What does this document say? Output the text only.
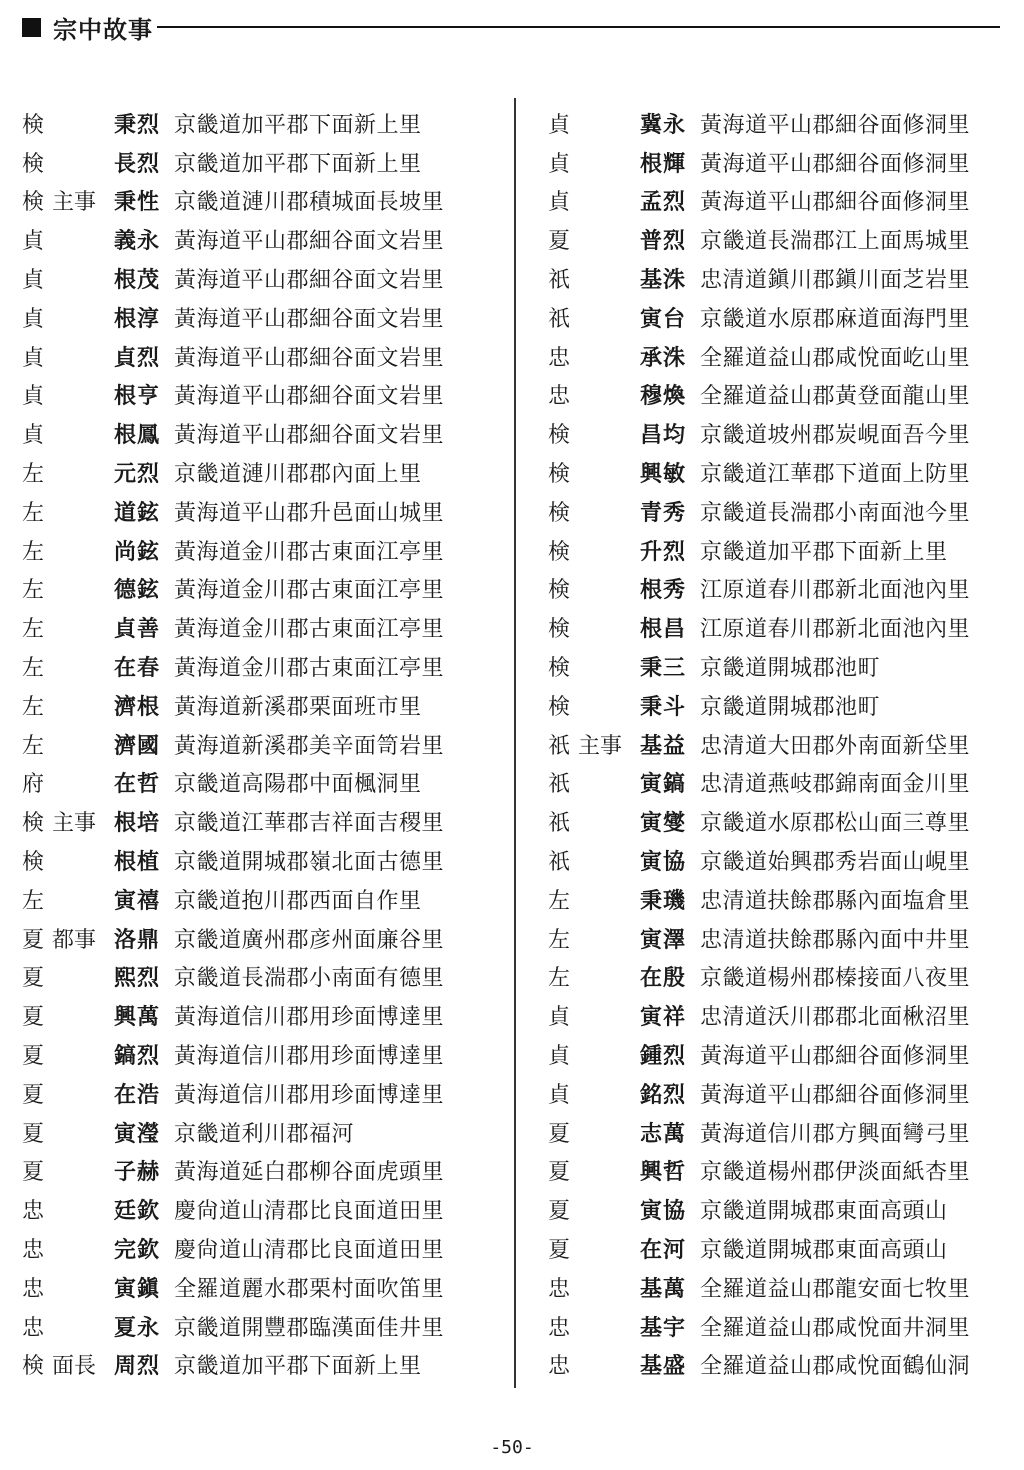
宗中故事
検	秉烈 京畿道加平郡下面新上里
検	長烈 京畿道加平郡下面新上里
検 主事 秉性 京畿道漣川郡積城面長坡里
貞	義永 黃海道平山郡細谷面文岩里
貞	根茂 黃海道平山郡細谷面文岩里
貞	根淳 黃海道平山郡細谷面文岩里
貞	貞烈 黃海道平山郡細谷面文岩里
貞	根亨 黃海道平山郡細谷面文岩里
貞	根鳳 黃海道平山郡細谷面文岩里
左	元烈 京畿道漣川郡郡內面上里
左	道鉉 黃海道平山郡升邑面山城里
左	尚鉉 黃海道金川郡古東面江亭里
左	德鉉 黃海道金川郡古東面江亭里
左	貞善 黃海道金川郡古東面江亭里
左	在春 黃海道金川郡古東面江亭里
左	濟根 黃海道新溪郡栗面班市里
左	濟國 黃海道新溪郡美辛面笥岩里
府	在哲 京畿道高陽郡中面楓洞里
検 主事 根培 京畿道江華郡吉祥面吉稷里
検	根植 京畿道開城郡嶺北面古德里
左	寅禧 京畿道抱川郡西面自作里
夏 都事 洛鼎 京畿道廣州郡彦州面廉谷里
夏	熙烈 京畿道長湍郡小南面有德里
夏	興萬 黃海道信川郡用珍面博達里
夏	鎬烈 黃海道信川郡用珍面博達里
夏	在浩 黃海道信川郡用珍面博達里
夏	寅瀅 京畿道利川郡福河
夏	子赫 黃海道延白郡柳谷面虎頭里
忠	廷欽 慶尙道山清郡比良面道田里
忠	完欽 慶尙道山清郡比良面道田里
忠	寅鎭 全羅道麗水郡栗村面吹笛里
忠	夏永 京畿道開豐郡臨漢面佳井里
検 面長 周烈 京畿道加平郡下面新上里
貞	冀永 黃海道平山郡細谷面修洞里
貞	根輝 黃海道平山郡細谷面修洞里
貞	孟烈 黃海道平山郡細谷面修洞里
夏	普烈 京畿道長湍郡江上面馬城里
祇	基洙 忠清道鎭川郡鎭川面芝岩里
祇	寅台 京畿道水原郡麻道面海門里
忠	承洙 全羅道益山郡咸悅面屹山里
忠	穆煥 全羅道益山郡黃登面龍山里
検	昌均 京畿道坡州郡炭峴面吾今里
検	興敏 京畿道江華郡下道面上防里
検	青秀 京畿道長湍郡小南面池今里
検	升烈 京畿道加平郡下面新上里
検	根秀 江原道春川郡新北面池內里
検	根昌 江原道春川郡新北面池內里
検	秉三 京畿道開城郡池町
検	秉斗 京畿道開城郡池町
祇 主事 基益 忠清道大田郡外南面新垈里
祇	寅鎬 忠清道燕岐郡錦南面金川里
祇	寅燮 京畿道水原郡松山面三尊里
祇	寅協 京畿道始興郡秀岩面山峴里
左	秉璣 忠清道扶餘郡縣內面塩倉里
左	寅澤 忠清道扶餘郡縣內面中井里
左	在殷 京畿道楊州郡榛接面八夜里
貞	寅祥 忠清道沃川郡郡北面楸沼里
貞	鍾烈 黃海道平山郡細谷面修洞里
貞	銘烈 黃海道平山郡細谷面修洞里
夏	志萬 黃海道信川郡方興面彎弓里
夏	興哲 京畿道楊州郡伊淡面紙杏里
夏	寅協 京畿道開城郡東面高頭山
夏	在河 京畿道開城郡東面高頭山
忠	基萬 全羅道益山郡龍安面七牧里
忠	基宇 全羅道益山郡咸悅面井洞里
忠	基盛 全羅道益山郡咸悅面鶴仙洞
-50-
